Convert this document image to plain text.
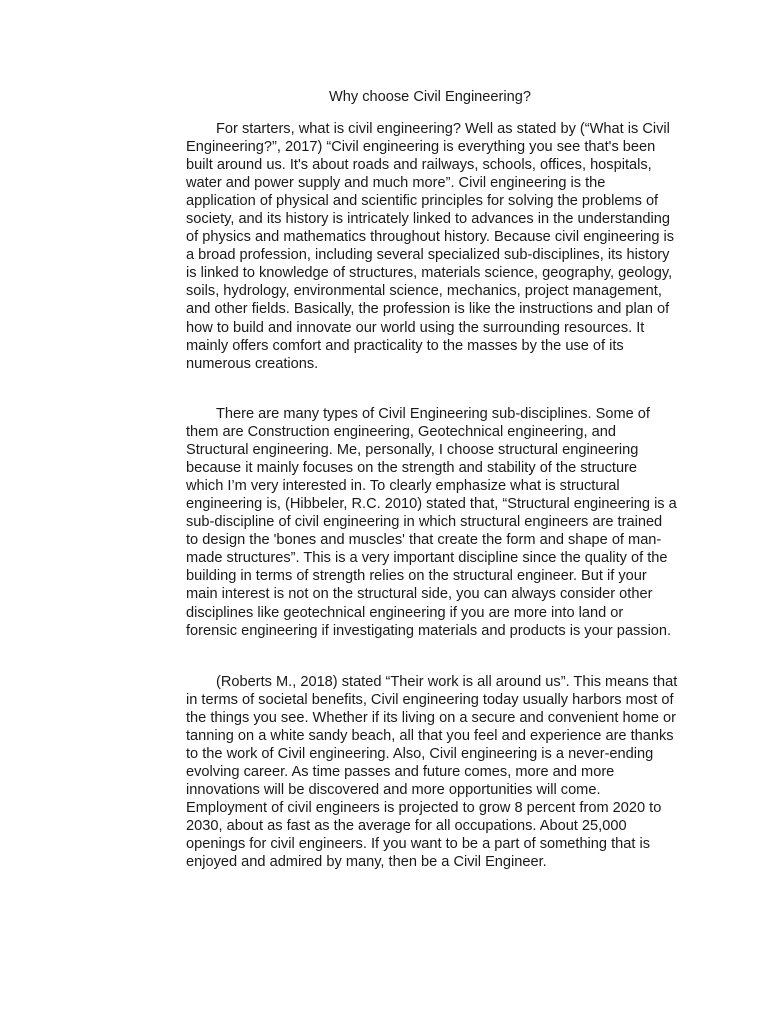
Why choose Civil Engineering?

For starters, what is civil engineering? Well as stated by (“What is Civil Engineering?”, 2017) “Civil engineering is everything you see that's been built around us. It's about roads and railways, schools, offices, hospitals, water and power supply and much more”. Civil engineering is the application of physical and scientific principles for solving the problems of society, and its history is intricately linked to advances in the understanding of physics and mathematics throughout history. Because civil engineering is a broad profession, including several specialized sub-disciplines, its history is linked to knowledge of structures, materials science, geography, geology, soils, hydrology, environmental science, mechanics, project management, and other fields. Basically, the profession is like the instructions and plan of how to build and innovate our world using the surrounding resources. It mainly offers comfort and practicality to the masses by the use of its numerous creations.

There are many types of Civil Engineering sub-disciplines. Some of them are Construction engineering, Geotechnical engineering, and Structural engineering. Me, personally, I choose structural engineering because it mainly focuses on the strength and stability of the structure which I’m very interested in. To clearly emphasize what is structural engineering is, (Hibbeler, R.C. 2010) stated that, “Structural engineering is a sub-discipline of civil engineering in which structural engineers are trained to design the 'bones and muscles' that create the form and shape of man-made structures”. This is a very important discipline since the quality of the building in terms of strength relies on the structural engineer. But if your main interest is not on the structural side, you can always consider other disciplines like geotechnical engineering if you are more into land or forensic engineering if investigating materials and products is your passion.

(Roberts M., 2018) stated “Their work is all around us”. This means that in terms of societal benefits, Civil engineering today usually harbors most of the things you see. Whether if its living on a secure and convenient home or tanning on a white sandy beach, all that you feel and experience are thanks to the work of Civil engineering. Also, Civil engineering is a never-ending evolving career. As time passes and future comes, more and more innovations will be discovered and more opportunities will come. Employment of civil engineers is projected to grow 8 percent from 2020 to 2030, about as fast as the average for all occupations. About 25,000 openings for civil engineers. If you want to be a part of something that is enjoyed and admired by many, then be a Civil Engineer.
